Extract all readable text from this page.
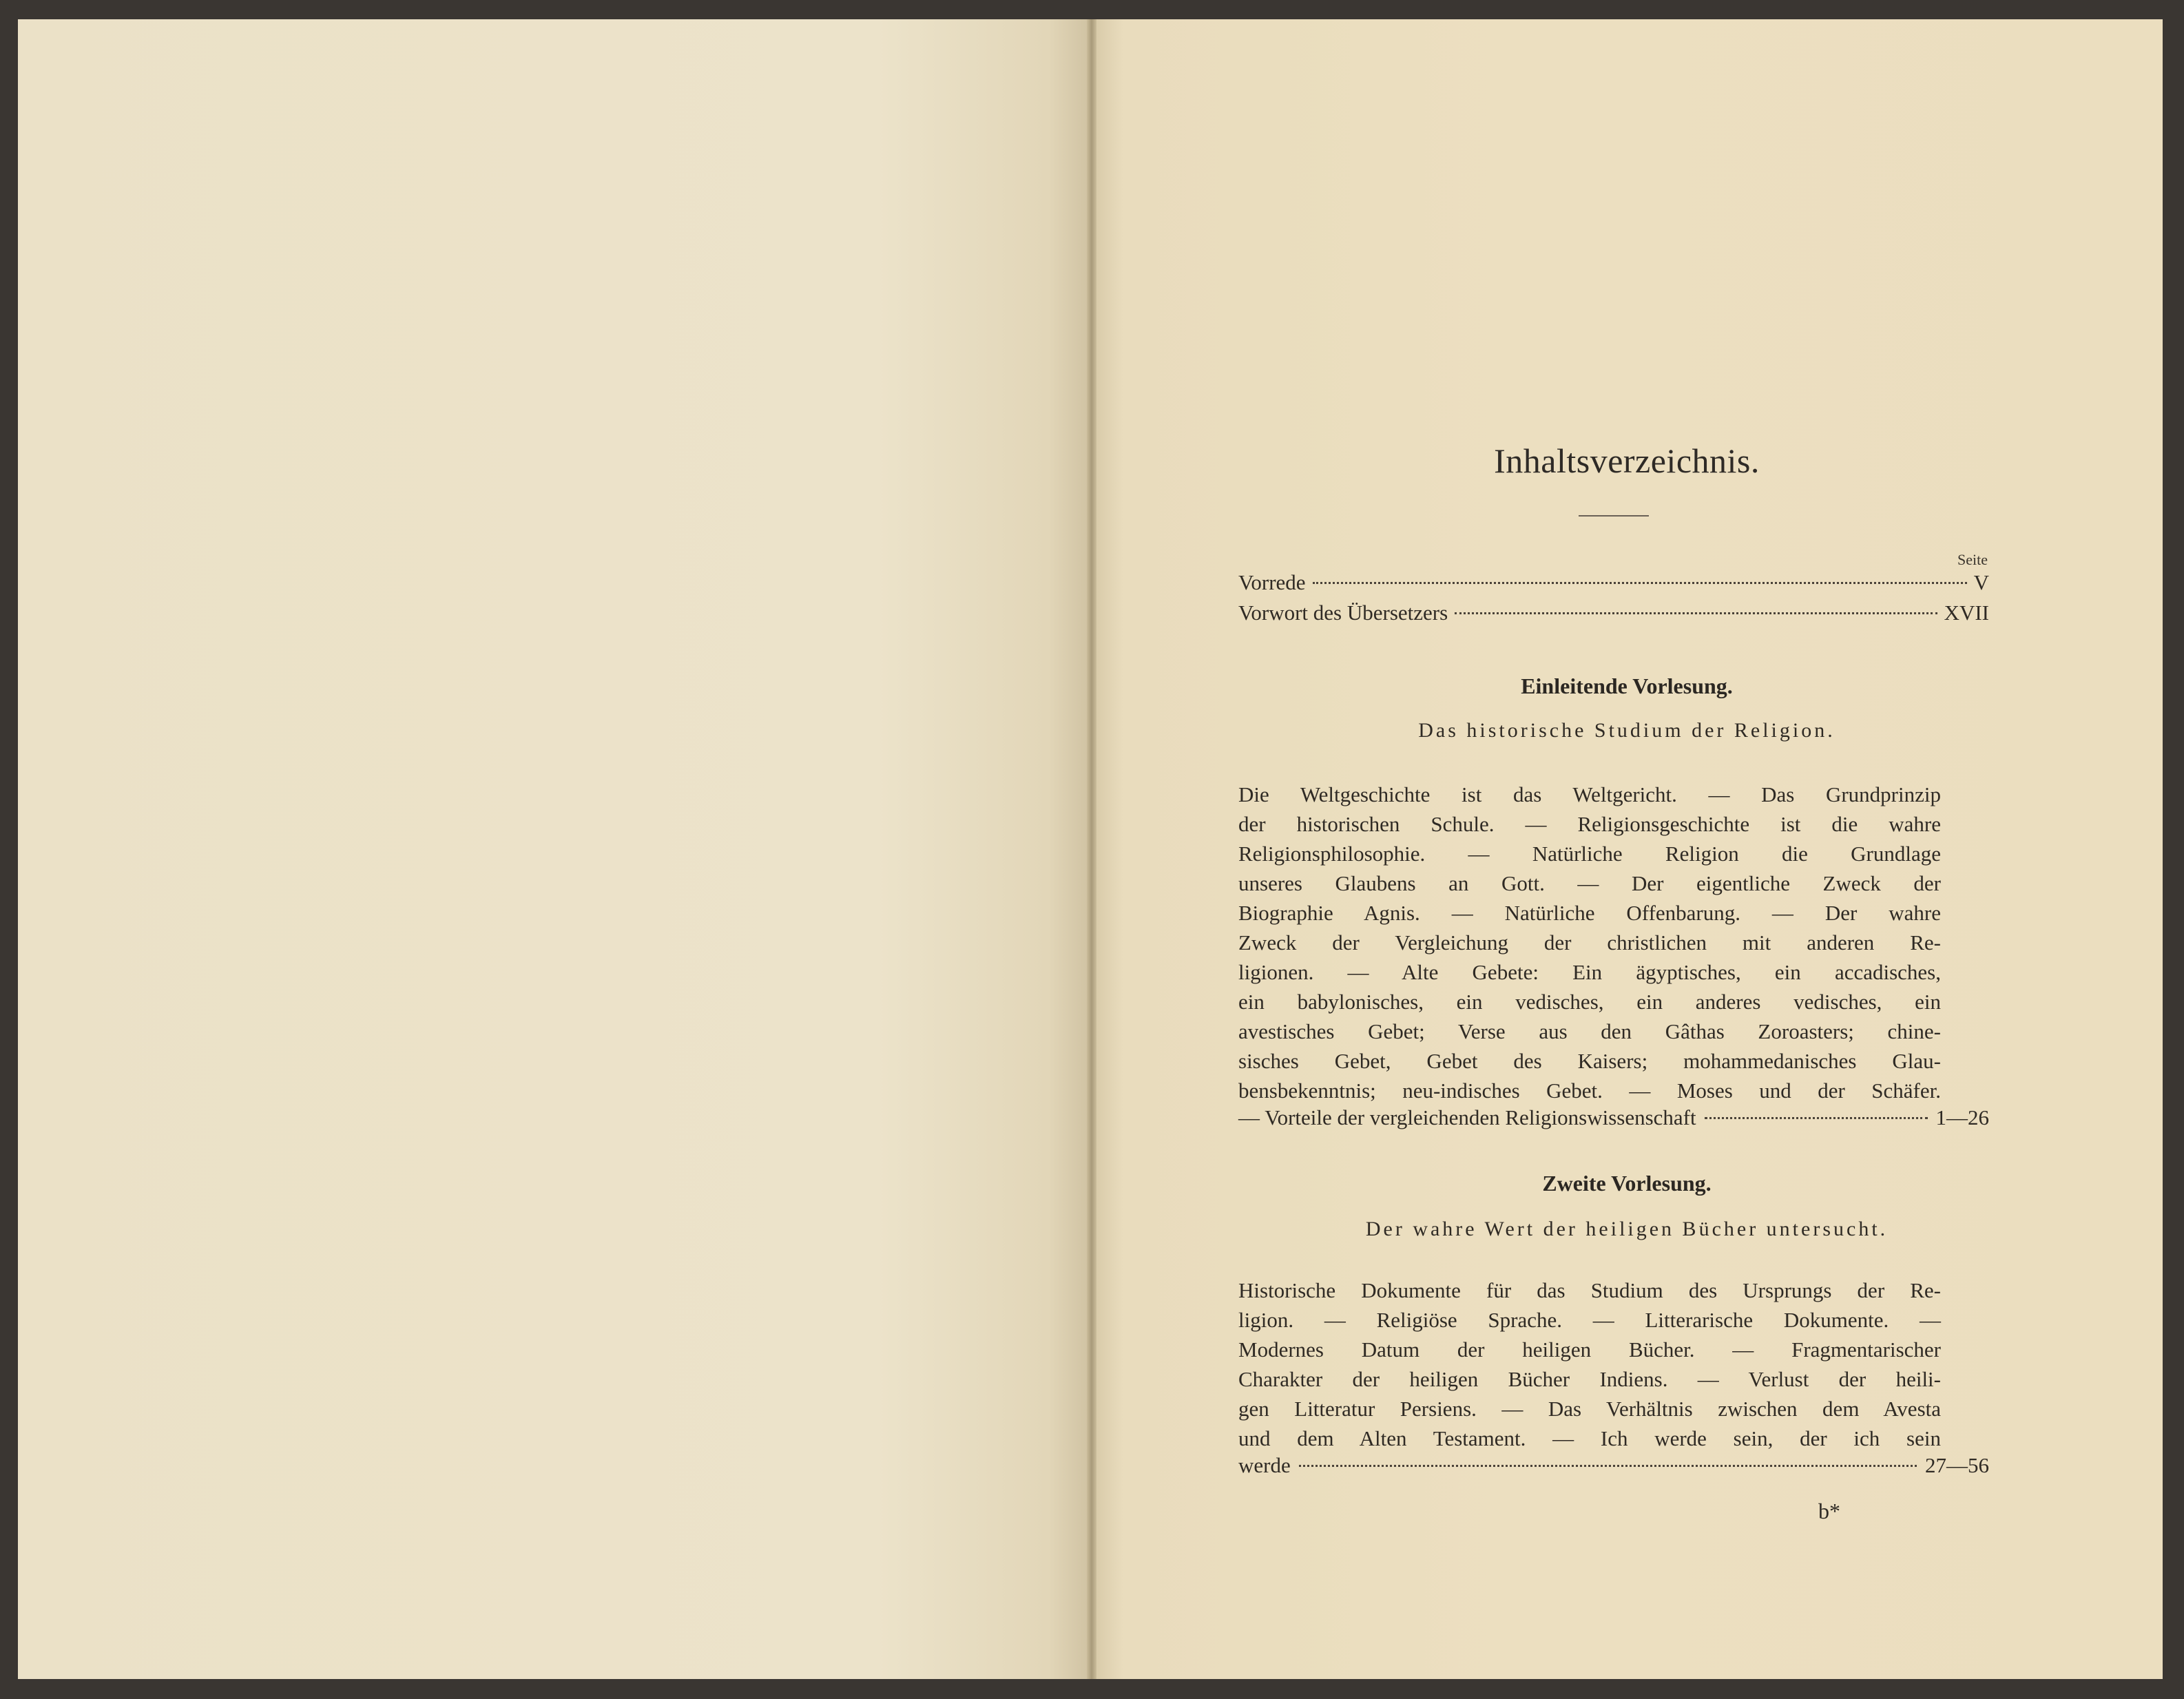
Inhaltsverzeichnis.
Seite
Vorrede	V
Vorwort des Übersetzers	XVII
Einleitende Vorlesung.
Das historische Studium der Religion.
Die Weltgeschichte ist das Weltgericht. — Das Grundprinzip
der historischen Schule. — Religionsgeschichte ist die wahre
Religionsphilosophie. — Natürliche Religion die Grundlage
unseres Glaubens an Gott. — Der eigentliche Zweck der
Biographie Agnis. — Natürliche Offenbarung. — Der wahre
Zweck der Vergleichung der christlichen mit anderen Re-
ligionen. — Alte Gebete: Ein ägyptisches, ein accadisches,
ein babylonisches, ein vedisches, ein anderes vedisches, ein
avestisches Gebet; Verse aus den Gâthas Zoroasters; chine-
sisches Gebet, Gebet des Kaisers; mohammedanisches Glau-
bensbekenntnis; neu-indisches Gebet. — Moses und der Schäfer.
— Vorteile der vergleichenden Religionswissenschaft	1—26
Zweite Vorlesung.
Der wahre Wert der heiligen Bücher untersucht.
Historische Dokumente für das Studium des Ursprungs der Re-
ligion. — Religiöse Sprache. — Litterarische Dokumente. —
Modernes Datum der heiligen Bücher. — Fragmentarischer
Charakter der heiligen Bücher Indiens. — Verlust der heili-
gen Litteratur Persiens. — Das Verhältnis zwischen dem Avesta
und dem Alten Testament. — Ich werde sein, der ich sein
werde	27—56
b*
